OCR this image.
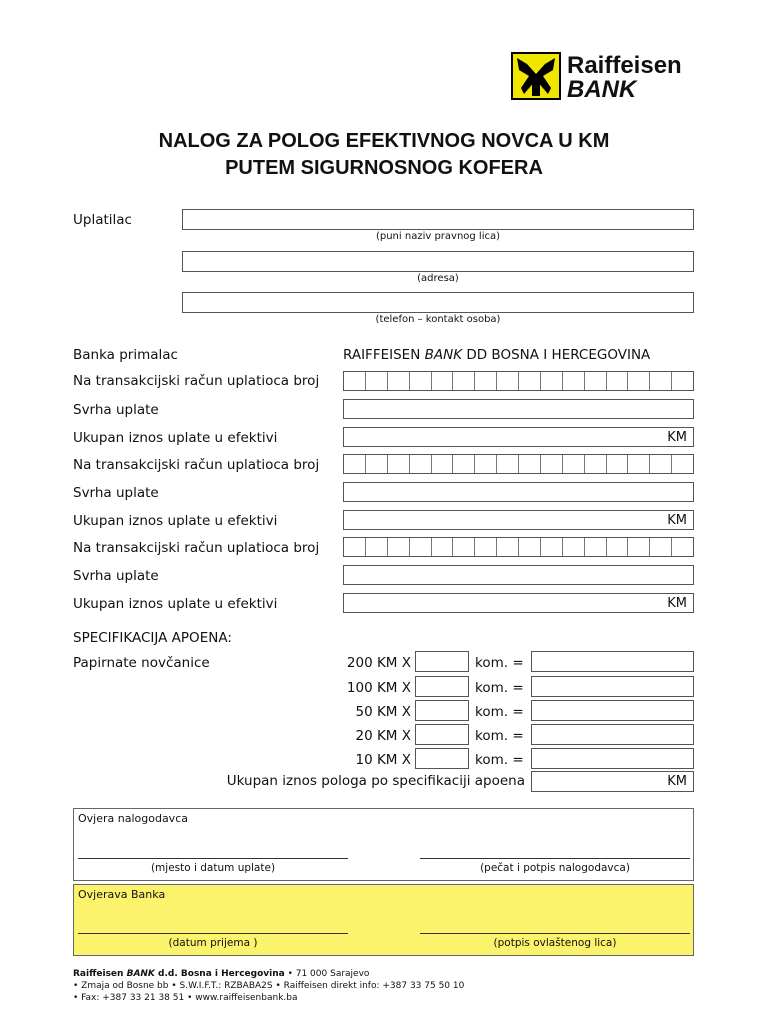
Raiffeisen
BANK
NALOG ZA POLOG EFEKTIVNOG NOVCA U KM
PUTEM SIGURNOSNOG KOFERA
Uplatilac
(puni naziv pravnog lica)
(adresa)
(telefon – kontakt osoba)
Banka primalac	RAIFFEISEN BANK DD BOSNA I HERCEGOVINA
Na transakcijski račun uplatioca broj
Svrha uplate
Ukupan iznos uplate u efektivi	KM
Na transakcijski račun uplatioca broj
Svrha uplate
Ukupan iznos uplate u efektivi	KM
Na transakcijski račun uplatioca broj
Svrha uplate
Ukupan iznos uplate u efektivi	KM
SPECIFIKACIJA APOENA:
Papirnate novčanice	200 KM X	kom. =
100 KM X	kom. =
50 KM X	kom. =
20 KM X	kom. =
10 KM X	kom. =
Ukupan iznos pologa po specifikaciji apoena	KM
Ovjera nalogodavca
(mjesto i datum uplate)	(pečat i potpis nalogodavca)
Ovjerava Banka
(datum prijema )	(potpis ovlaštenog lica)
Raiffeisen BANK d.d. Bosna i Hercegovina • 71 000 Sarajevo
• Zmaja od Bosne bb • S.W.I.F.T.: RZBABA2S • Raiffeisen direkt info: +387 33 75 50 10
• Fax: +387 33 21 38 51 • www.raiffeisenbank.ba
